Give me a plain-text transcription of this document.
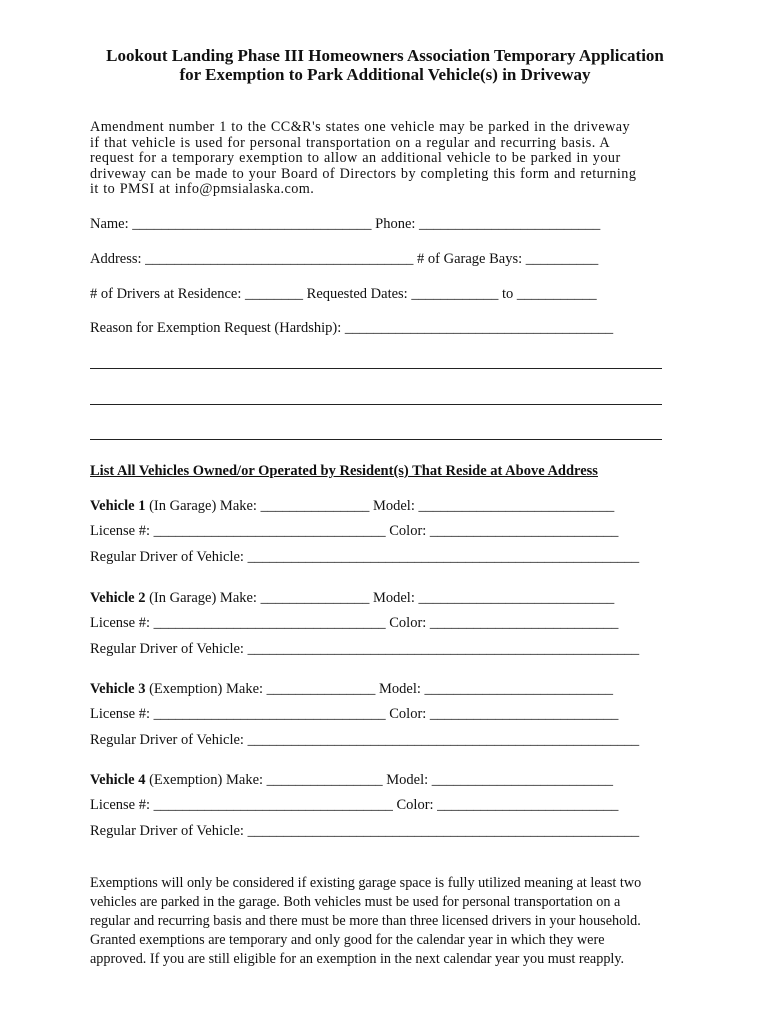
Lookout Landing Phase III Homeowners Association Temporary Application
for Exemption to Park Additional Vehicle(s) in Driveway
Amendment number 1 to the CC&R's states one vehicle may be parked in the driveway
if that vehicle is used for personal transportation on a regular and recurring basis. A
request for a temporary exemption to allow an additional vehicle to be parked in your
driveway can be made to your Board of Directors by completing this form and returning
it to PMSI at info@pmsialaska.com.
Name: _________________________________ Phone: _________________________
Address: _____________________________________ # of Garage Bays: __________
# of Drivers at Residence: ________ Requested Dates: ____________ to ___________
Reason for Exemption Request (Hardship): _____________________________________
List All Vehicles Owned/or Operated by Resident(s) That Reside at Above Address
Vehicle 1 (In Garage) Make: _______________ Model: ___________________________
License #: ________________________________ Color: __________________________
Regular Driver of Vehicle: ______________________________________________________
Vehicle 2 (In Garage) Make: _______________ Model: ___________________________
License #: ________________________________ Color: __________________________
Regular Driver of Vehicle: ______________________________________________________
Vehicle 3 (Exemption) Make: _______________ Model: __________________________
License #: ________________________________ Color: __________________________
Regular Driver of Vehicle: ______________________________________________________
Vehicle 4 (Exemption) Make: ________________ Model: _________________________
License #: _________________________________ Color: _________________________
Regular Driver of Vehicle: ______________________________________________________
Exemptions will only be considered if existing garage space is fully utilized meaning at least two
vehicles are parked in the garage. Both vehicles must be used for personal transportation on a
regular and recurring basis and there must be more than three licensed drivers in your household.
Granted exemptions are temporary and only good for the calendar year in which they were
approved. If you are still eligible for an exemption in the next calendar year you must reapply.
